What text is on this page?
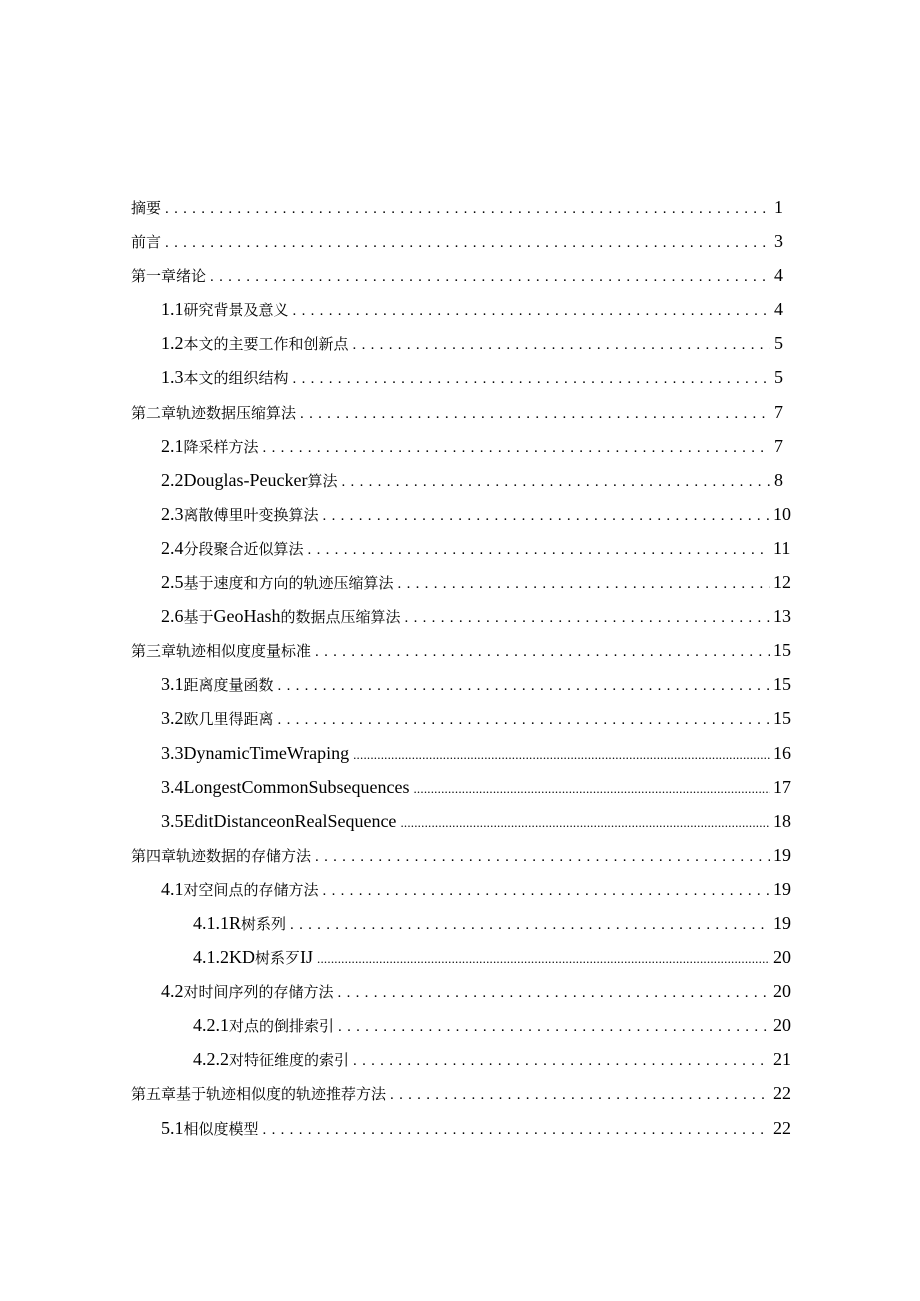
摘要 .....	1
前言 .....	3
第一章绪论 .....	4
1.1 研究背景及意义 .....	4
1.2 本文的主要工作和创新点 .....	5
1.3 本文的组织结构 .....	5
第二章轨迹数据压缩算法 .....	7
2.1 降采样方法 .....	7
2.2 Douglas-Peucker算法 .....	8
2.3 离散傅里叶变换算法 .....	10
2.4 分段聚合近似算法 .....	11
2.5 基于速度和方向的轨迹压缩算法 .....	12
2.6 基于GeoHash的数据点压缩算法 .....	13
第三章轨迹相似度度量标准 .....	15
3.1 距离度量函数 .....	15
3.2 欧几里得距离 .....	15
3.3 DynamicTimeWraping .....	16
3.4 LongestCommonSubsequences .....	17
3.5 EditDistanceonRealSequence .....	18
第四章轨迹数据的存储方法 .....	19
4.1 对空间点的存储方法 .....	19
4.1.1 R树系列 .....	19
4.1.2 KD树系歹IJ .....	20
4.2 对时间序列的存储方法 .....	20
4.2.1 对点的倒排索引 .....	20
4.2.2 对特征维度的索引 .....	21
第五章基于轨迹相似度的轨迹推荐方法 .....	22
5.1 相似度模型 .....	22
